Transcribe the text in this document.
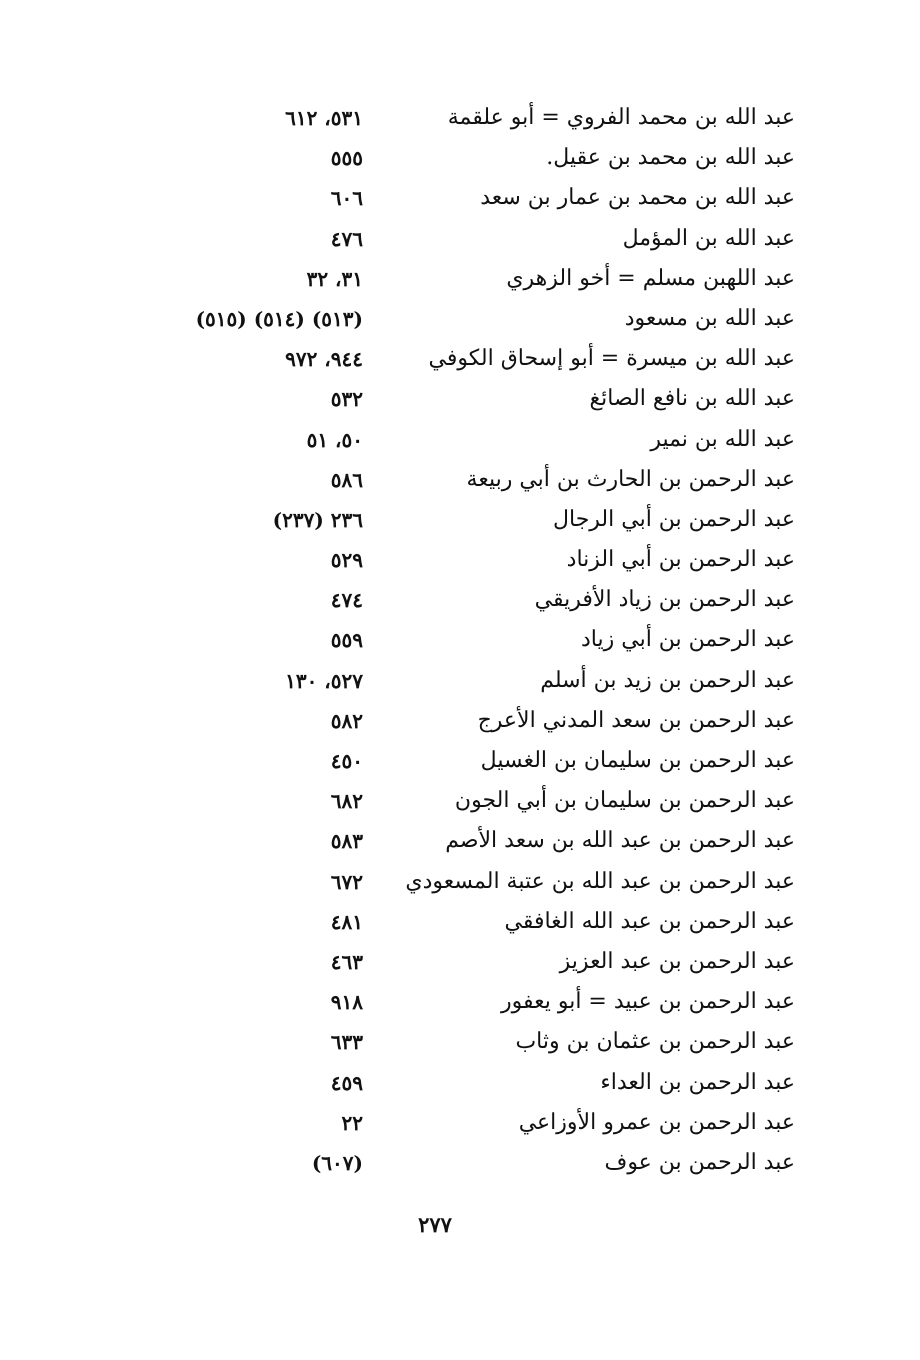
عبد الله بن محمد الفروي = أبو علقمة
٥٣١، ٦١٢
عبد الله بن محمد بن عقيل.
٥٥٥
عبد الله بن محمد بن عمار بن سعد
٦٠٦
عبد الله بن المؤمل
٤٧٦
عبد اللهبن مسلم = أخو الزهري
٣١، ٣٢
عبد الله بن مسعود
(٥١٣) (٥١٤) (٥١٥)
عبد الله بن ميسرة = أبو إسحاق الكوفي
٩٤٤، ٩٧٢
عبد الله بن نافع الصائغ
٥٣٢
عبد الله بن نمير
٥٠، ٥١
عبد الرحمن بن الحارث بن أبي ربيعة
٥٨٦
عبد الرحمن بن أبي الرجال
٢٣٦ (٢٣٧)
عبد الرحمن بن أبي الزناد
٥٢٩
عبد الرحمن بن زياد الأفريقي
٤٧٤
عبد الرحمن بن أبي زياد
٥٥٩
عبد الرحمن بن زيد بن أسلم
٥٢٧، ١٣٠
عبد الرحمن بن سعد المدني الأعرج
٥٨٢
عبد الرحمن بن سليمان بن الغسيل
٤٥٠
عبد الرحمن بن سليمان بن أبي الجون
٦٨٢
عبد الرحمن بن عبد الله بن سعد الأصم
٥٨٣
عبد الرحمن بن عبد الله بن عتبة المسعودي
٦٧٢
عبد الرحمن بن عبد الله الغافقي
٤٨١
عبد الرحمن بن عبد العزيز
٤٦٣
عبد الرحمن بن عبيد = أبو يعفور
٩١٨
عبد الرحمن بن عثمان بن وثاب
٦٣٣
عبد الرحمن بن العداء
٤٥٩
عبد الرحمن بن عمرو الأوزاعي
٢٢
عبد الرحمن بن عوف
(٦٠٧)
٢٧٧
